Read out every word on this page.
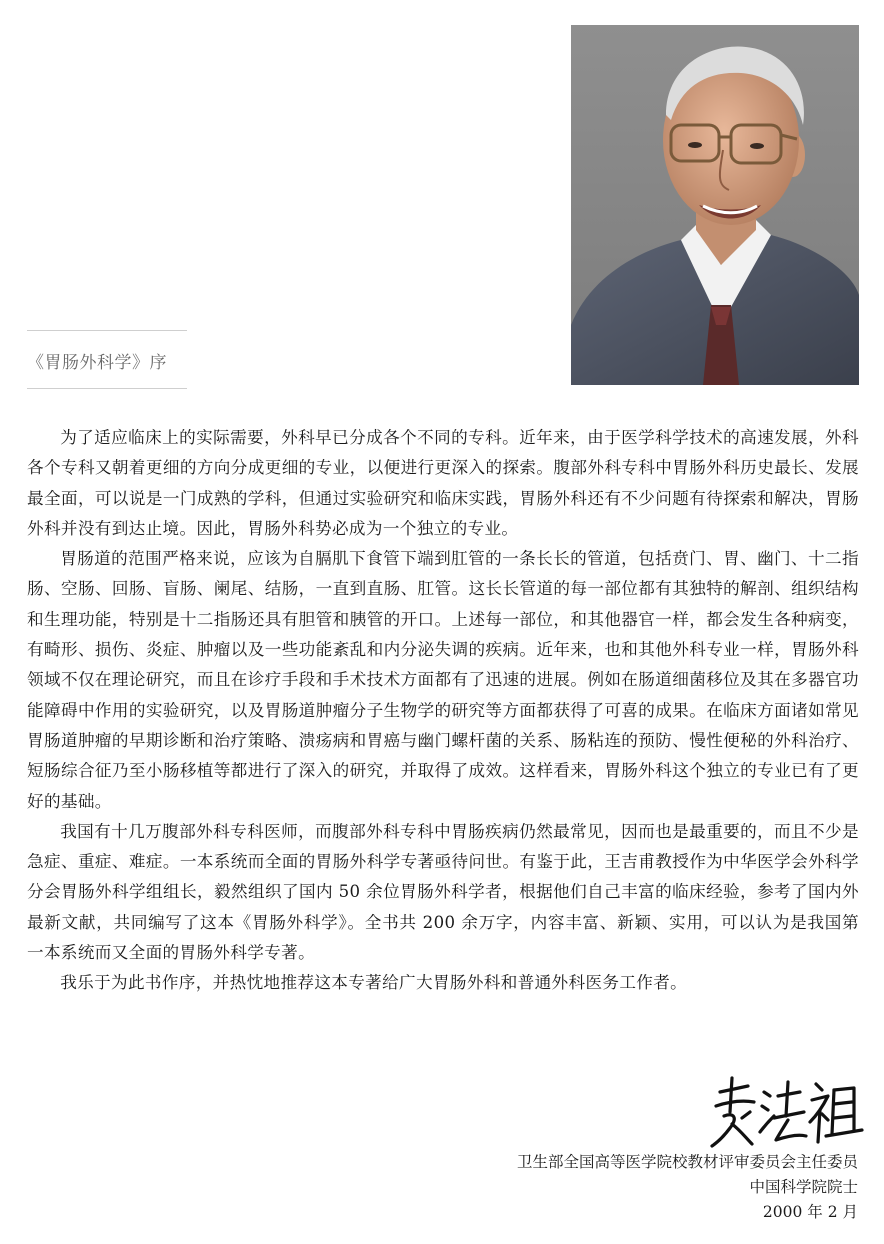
《胃肠外科学》序

为了适应临床上的实际需要，外科早已分成各个不同的专科。近年来，由于医学科学技术的高速发展，外科各个专科又朝着更细的方向分成更细的专业，以便进行更深入的探索。腹部外科专科中胃肠外科历史最长、发展最全面，可以说是一门成熟的学科，但通过实验研究和临床实践，胃肠外科还有不少问题有待探索和解决，胃肠外科并没有到达止境。因此，胃肠外科势必成为一个独立的专业。

胃肠道的范围严格来说，应该为自膈肌下食管下端到肛管的一条长长的管道，包括贲门、胃、幽门、十二指肠、空肠、回肠、盲肠、阑尾、结肠，一直到直肠、肛管。这长长管道的每一部位都有其独特的解剖、组织结构和生理功能，特别是十二指肠还具有胆管和胰管的开口。上述每一部位，和其他器官一样，都会发生各种病变，有畸形、损伤、炎症、肿瘤以及一些功能紊乱和内分泌失调的疾病。近年来，也和其他外科专业一样，胃肠外科领域不仅在理论研究，而且在诊疗手段和手术技术方面都有了迅速的进展。例如在肠道细菌移位及其在多器官功能障碍中作用的实验研究，以及胃肠道肿瘤分子生物学的研究等方面都获得了可喜的成果。在临床方面诸如常见胃肠道肿瘤的早期诊断和治疗策略、溃疡病和胃癌与幽门螺杆菌的关系、肠粘连的预防、慢性便秘的外科治疗、短肠综合征乃至小肠移植等都进行了深入的研究，并取得了成效。这样看来，胃肠外科这个独立的专业已有了更好的基础。

我国有十几万腹部外科专科医师，而腹部外科专科中胃肠疾病仍然最常见，因而也是最重要的，而且不少是急症、重症、难症。一本系统而全面的胃肠外科学专著亟待问世。有鉴于此，王吉甫教授作为中华医学会外科学分会胃肠外科学组组长，毅然组织了国内 50 余位胃肠外科学者，根据他们自己丰富的临床经验，参考了国内外最新文献，共同编写了这本《胃肠外科学》。全书共 200 余万字，内容丰富、新颖、实用，可以认为是我国第一本系统而又全面的胃肠外科学专著。

我乐于为此书作序，并热忱地推荐这本专著给广大胃肠外科和普通外科医务工作者。

卫生部全国高等医学院校教材评审委员会主任委员
中国科学院院士
2000 年 2 月
